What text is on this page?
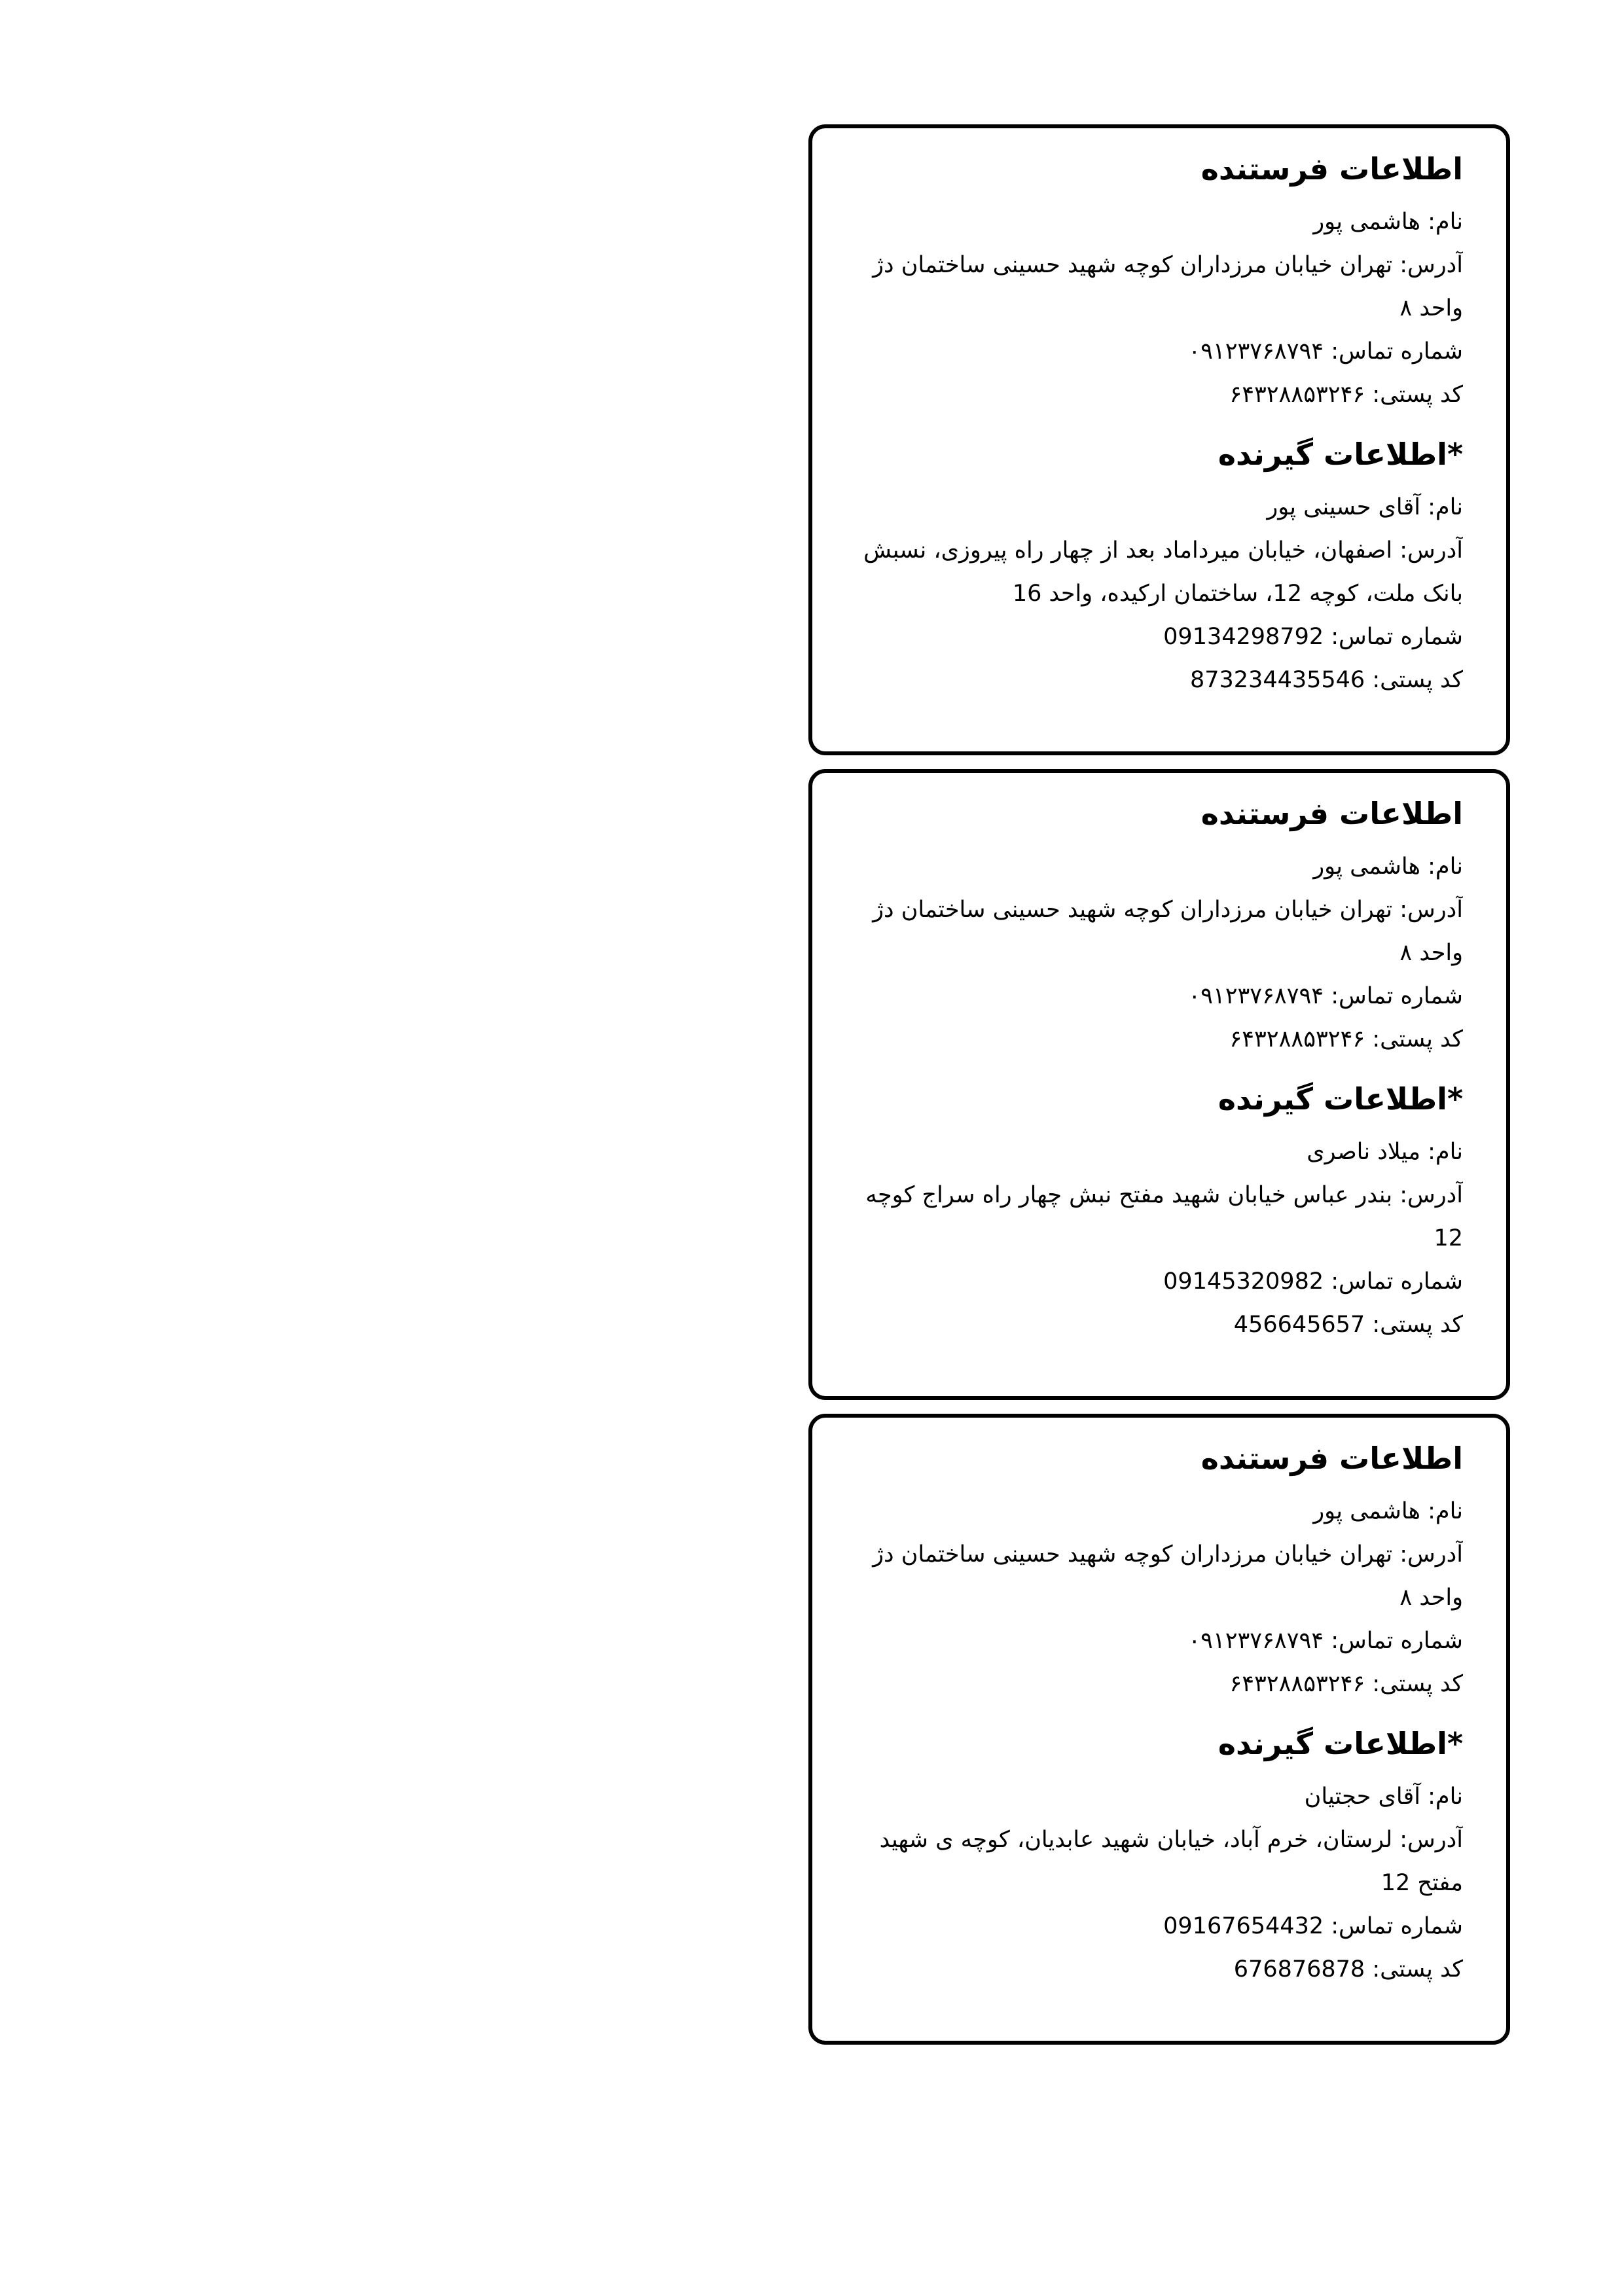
اطلاعات فرستنده

نام: هاشمی پور

آدرس: تهران خیابان مرزداران کوچه شهید حسینی ساختمان دژ واحد ۸

شماره تماس: ۰۹۱۲۳۷۶۸۷۹۴

کد پستی: ۶۴۳۲۸۸۵۳۲۴۶

*اطلاعات گیرنده

نام: آقای حسینی پور

آدرس: اصفهان، خیابان میرداماد بعد از چهار راه پیروزی، نسبش بانک ملت، کوچه 12، ساختمان ارکیده، واحد 16

شماره تماس: 09134298792

کد پستی: 873234435546

اطلاعات فرستنده

نام: هاشمی پور

آدرس: تهران خیابان مرزداران کوچه شهید حسینی ساختمان دژ واحد ۸

شماره تماس: ۰۹۱۲۳۷۶۸۷۹۴

کد پستی: ۶۴۳۲۸۸۵۳۲۴۶

*اطلاعات گیرنده

نام: میلاد ناصری

آدرس: بندر عباس خیابان شهید مفتح نبش چهار راه سراج کوچه 12

شماره تماس: 09145320982

کد پستی: 456645657

اطلاعات فرستنده

نام: هاشمی پور

آدرس: تهران خیابان مرزداران کوچه شهید حسینی ساختمان دژ واحد ۸

شماره تماس: ۰۹۱۲۳۷۶۸۷۹۴

کد پستی: ۶۴۳۲۸۸۵۳۲۴۶

*اطلاعات گیرنده

نام: آقای حجتیان

آدرس: لرستان، خرم آباد، خیابان شهید عابدیان، کوچه ی شهید مفتح 12

شماره تماس: 09167654432

کد پستی: 676876878
